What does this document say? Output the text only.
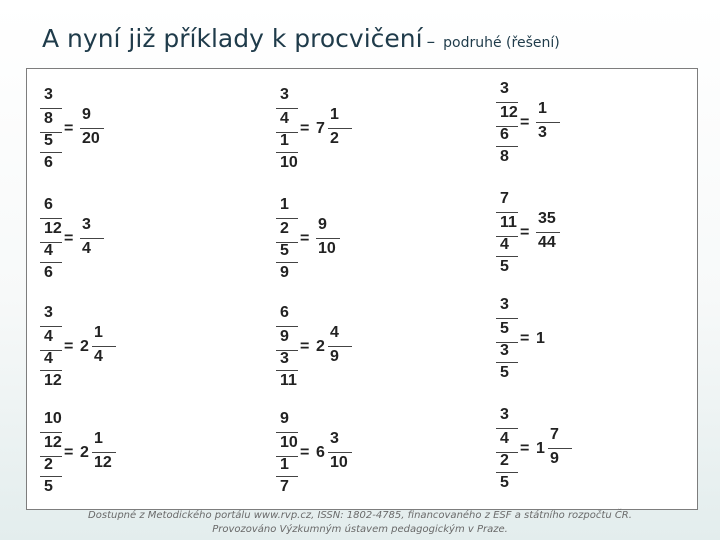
A nyní již příklady k procvičení – podruhé (řešení)
Dostupné z Metodického portálu www.rvp.cz, ISSN: 1802-4785, financovaného z ESF a státního rozpočtu ČR.
Provozováno Výzkumným ústavem pedagogickým v Praze.
3
8
5
6
=
9
20
3
4
1
10
= 7
1
2
3
12
6
8
=
1
3
6
12
4
6
=
3
4
1
2
5
9
=
9
10
7
11
4
5
=
35
44
3
4
4
12
= 2
1
4
6
9
3
11
= 2
4
9
3
5
3
5
= 1
10
12
2
5
= 2
1
12
9
10
1
7
= 6
3
10
3
4
2
5
= 1
7
9
